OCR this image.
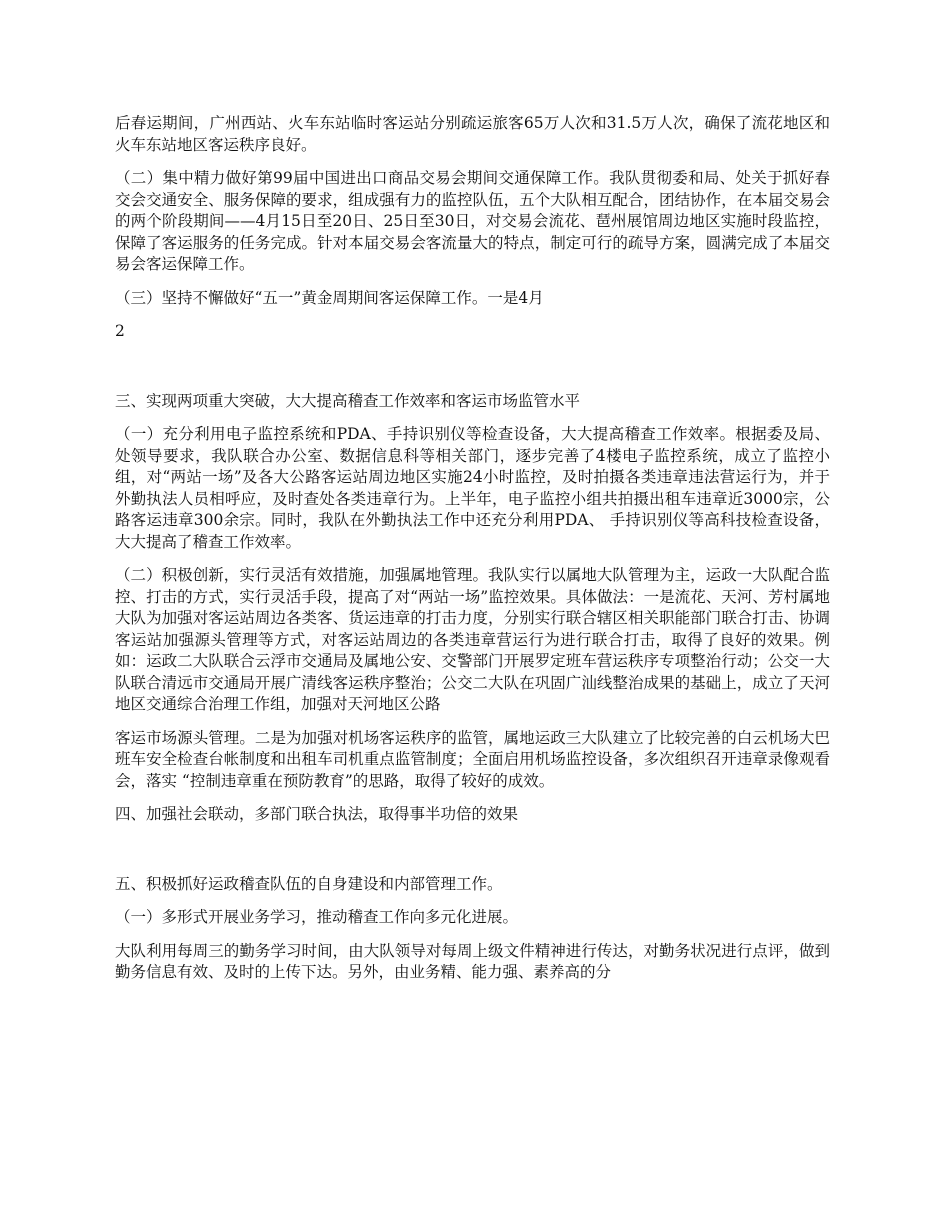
后春运期间，广州西站、火车东站临时客运站分别疏运旅客65万人次和31.5万人次，确保了流花地区和火车东站地区客运秩序良好。

（二）集中精力做好第99届中国进出口商品交易会期间交通保障工作。我队贯彻委和局、处关于抓好春交会交通安全、服务保障的要求，组成强有力的监控队伍，五个大队相互配合，团结协作，在本届交易会的两个阶段期间——4月15日至20日、25日至30日，对交易会流花、琶州展馆周边地区实施时段监控，保障了客运服务的任务完成。针对本届交易会客流量大的特点，制定可行的疏导方案，圆满完成了本届交易会客运保障工作。

（三）坚持不懈做好“五一”黄金周期间客运保障工作。一是4月

2

三、实现两项重大突破，大大提高稽查工作效率和客运市场监管水平

（一）充分利用电子监控系统和PDA、手持识别仪等检查设备，大大提高稽查工作效率。根据委及局、处领导要求，我队联合办公室、数据信息科等相关部门，逐步完善了4楼电子监控系统，成立了监控小组，对“两站一场”及各大公路客运站周边地区实施24小时监控，及时拍摄各类违章违法营运行为，并于外勤执法人员相呼应，及时查处各类违章行为。上半年，电子监控小组共拍摄出租车违章近3000宗，公路客运违章300余宗。同时，我队在外勤执法工作中还充分利用PDA、 手持识别仪等高科技检查设备，大大提高了稽查工作效率。

（二）积极创新，实行灵活有效措施，加强属地管理。我队实行以属地大队管理为主，运政一大队配合监控、打击的方式，实行灵活手段，提高了对“两站一场”监控效果。具体做法：一是流花、天河、芳村属地大队为加强对客运站周边各类客、货运违章的打击力度，分别实行联合辖区相关职能部门联合打击、协调客运站加强源头管理等方式，对客运站周边的各类违章营运行为进行联合打击，取得了良好的效果。例如：运政二大队联合云浮市交通局及属地公安、交警部门开展罗定班车营运秩序专项整治行动；公交一大队联合清远市交通局开展广清线客运秩序整治；公交二大队在巩固广汕线整治成果的基础上，成立了天河地区交通综合治理工作组，加强对天河地区公路

客运市场源头管理。二是为加强对机场客运秩序的监管，属地运政三大队建立了比较完善的白云机场大巴班车安全检查台帐制度和出租车司机重点监管制度；全面启用机场监控设备，多次组织召开违章录像观看会，落实 “控制违章重在预防教育”的思路，取得了较好的成效。

四、加强社会联动，多部门联合执法，取得事半功倍的效果

五、积极抓好运政稽查队伍的自身建设和内部管理工作。

（一）多形式开展业务学习，推动稽查工作向多元化进展。

大队利用每周三的勤务学习时间，由大队领导对每周上级文件精神进行传达，对勤务状况进行点评，做到勤务信息有效、及时的上传下达。另外，由业务精、能力强、素养高的分
